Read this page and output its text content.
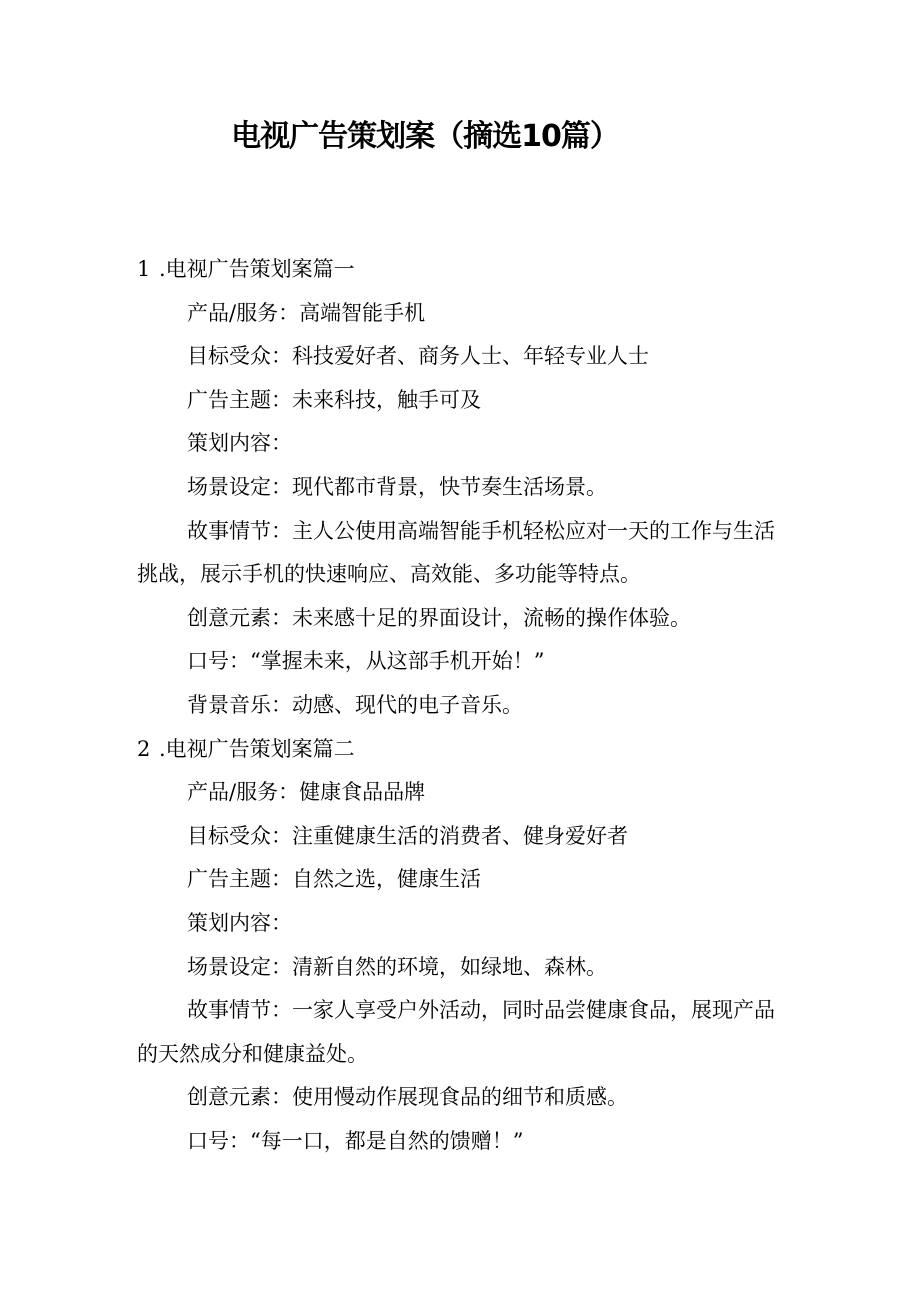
电视广告策划案（摘选10篇）

1 .电视广告策划案篇一

产品/服务：高端智能手机

目标受众：科技爱好者、商务人士、年轻专业人士

广告主题：未来科技，触手可及

策划内容：

场景设定：现代都市背景，快节奏生活场景。

故事情节：主人公使用高端智能手机轻松应对一天的工作与生活挑战，展示手机的快速响应、高效能、多功能等特点。

创意元素：未来感十足的界面设计，流畅的操作体验。

口号：“掌握未来，从这部手机开始！”

背景音乐：动感、现代的电子音乐。

2 .电视广告策划案篇二

产品/服务：健康食品品牌

目标受众：注重健康生活的消费者、健身爱好者

广告主题：自然之选，健康生活

策划内容：

场景设定：清新自然的环境，如绿地、森林。

故事情节：一家人享受户外活动，同时品尝健康食品，展现产品的天然成分和健康益处。

创意元素：使用慢动作展现食品的细节和质感。

口号：“每一口，都是自然的馈赠！”
